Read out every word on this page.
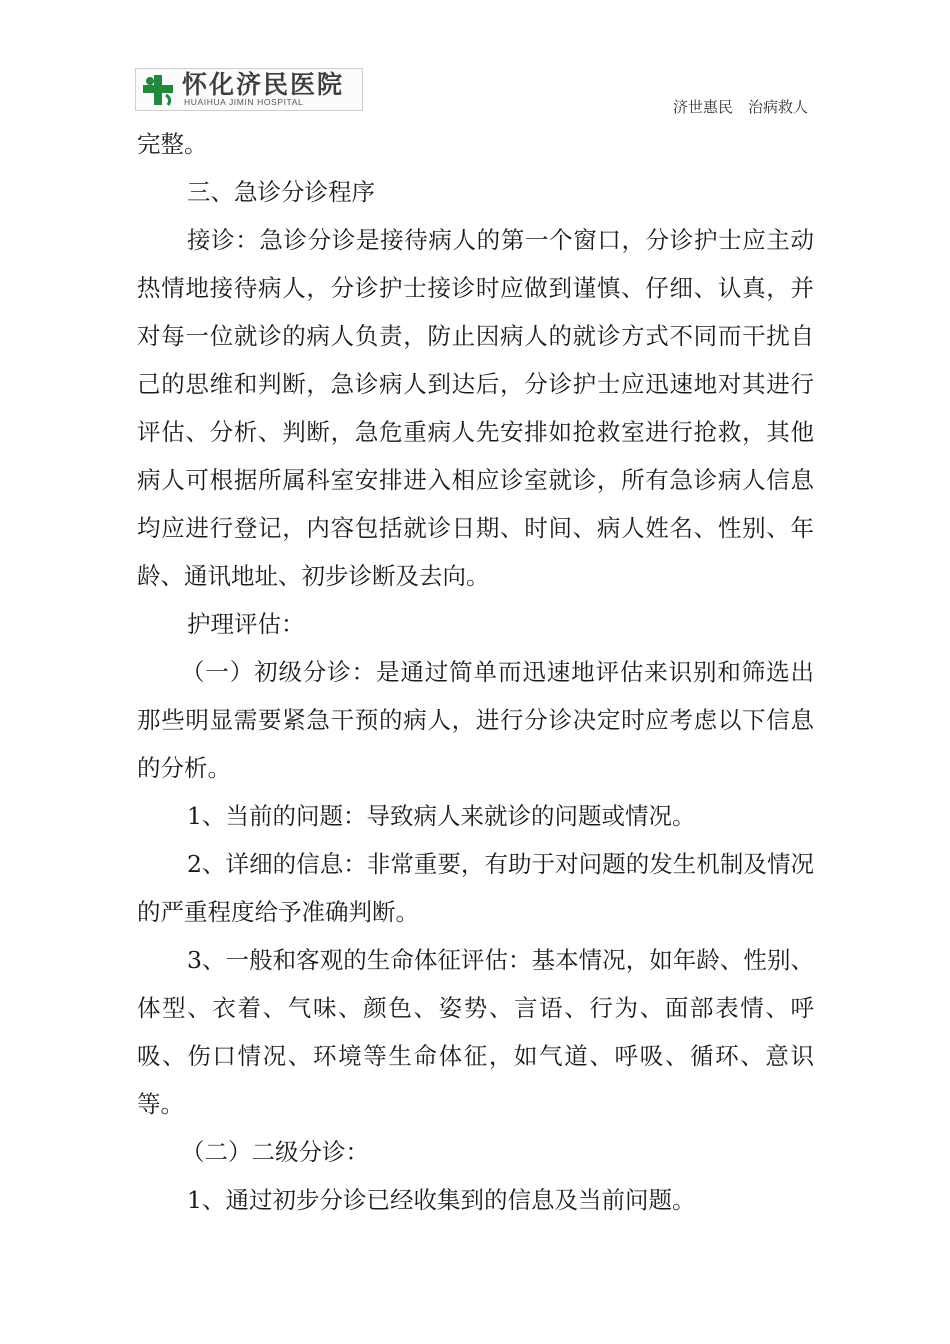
怀化济民医院
HUAIHUA JIMIN HOSPITAL	济世惠民　治病救人

完整。

三、急诊分诊程序

接诊：急诊分诊是接待病人的第一个窗口，分诊护士应主动热情地接待病人，分诊护士接诊时应做到谨慎、仔细、认真，并对每一位就诊的病人负责，防止因病人的就诊方式不同而干扰自己的思维和判断，急诊病人到达后，分诊护士应迅速地对其进行评估、分析、判断，急危重病人先安排如抢救室进行抢救，其他病人可根据所属科室安排进入相应诊室就诊，所有急诊病人信息均应进行登记，内容包括就诊日期、时间、病人姓名、性别、年龄、通讯地址、初步诊断及去向。

护理评估：

（一）初级分诊：是通过简单而迅速地评估来识别和筛选出那些明显需要紧急干预的病人，进行分诊决定时应考虑以下信息的分析。

1、当前的问题：导致病人来就诊的问题或情况。

2、详细的信息：非常重要，有助于对问题的发生机制及情况的严重程度给予准确判断。

3、一般和客观的生命体征评估：基本情况，如年龄、性别、体型、衣着、气味、颜色、姿势、言语、行为、面部表情、呼吸、伤口情况、环境等生命体征，如气道、呼吸、循环、意识等。

（二）二级分诊：

1、通过初步分诊已经收集到的信息及当前问题。
